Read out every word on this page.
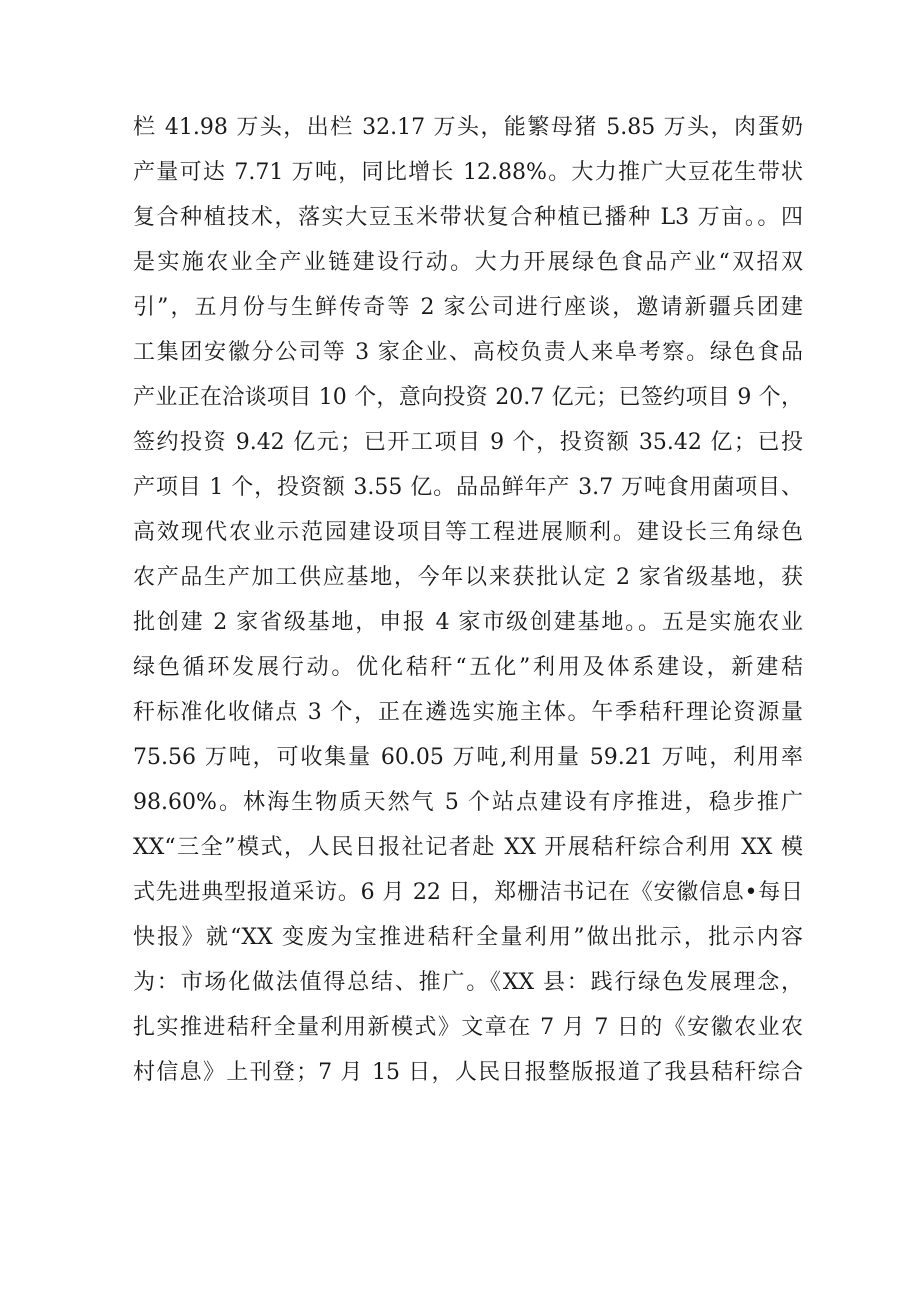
栏 41.98 万头，出栏 32.17 万头，能繁母猪 5.85 万头，肉蛋奶
产量可达 7.71 万吨，同比增长 12.88%。大力推广大豆花生带状
复合种植技术，落实大豆玉米带状复合种植已播种 L3 万亩。。四
是实施农业全产业链建设行动。大力开展绿色食品产业“双招双
引”，五月份与生鲜传奇等 2 家公司进行座谈，邀请新疆兵团建
工集团安徽分公司等 3 家企业、高校负责人来阜考察。绿色食品
产业正在洽谈项目 10 个，意向投资 20.7 亿元；已签约项目 9 个，
签约投资 9.42 亿元；已开工项目 9 个，投资额 35.42 亿；已投
产项目 1 个，投资额 3.55 亿。品品鲜年产 3.7 万吨食用菌项目、
高效现代农业示范园建设项目等工程进展顺利。建设长三角绿色
农产品生产加工供应基地，今年以来获批认定 2 家省级基地，获
批创建 2 家省级基地，申报 4 家市级创建基地。。五是实施农业
绿色循环发展行动。优化秸秆“五化”利用及体系建设，新建秸
秆标准化收储点 3 个，正在遴选实施主体。午季秸秆理论资源量
75.56 万吨，可收集量 60.05 万吨,利用量 59.21 万吨，利用率
98.60%。林海生物质天然气 5 个站点建设有序推进，稳步推广
XX“三全”模式，人民日报社记者赴 XX 开展秸秆综合利用 XX 模
式先进典型报道采访。6 月 22 日，郑栅洁书记在《安徽信息•每日
快报》就“XX 变废为宝推进秸秆全量利用”做出批示，批示内容
为：市场化做法值得总结、推广。《XX 县：践行绿色发展理念，
扎实推进秸秆全量利用新模式》文章在 7 月 7 日的《安徽农业农
村信息》上刊登；7 月 15 日，人民日报整版报道了我县秸秆综合
